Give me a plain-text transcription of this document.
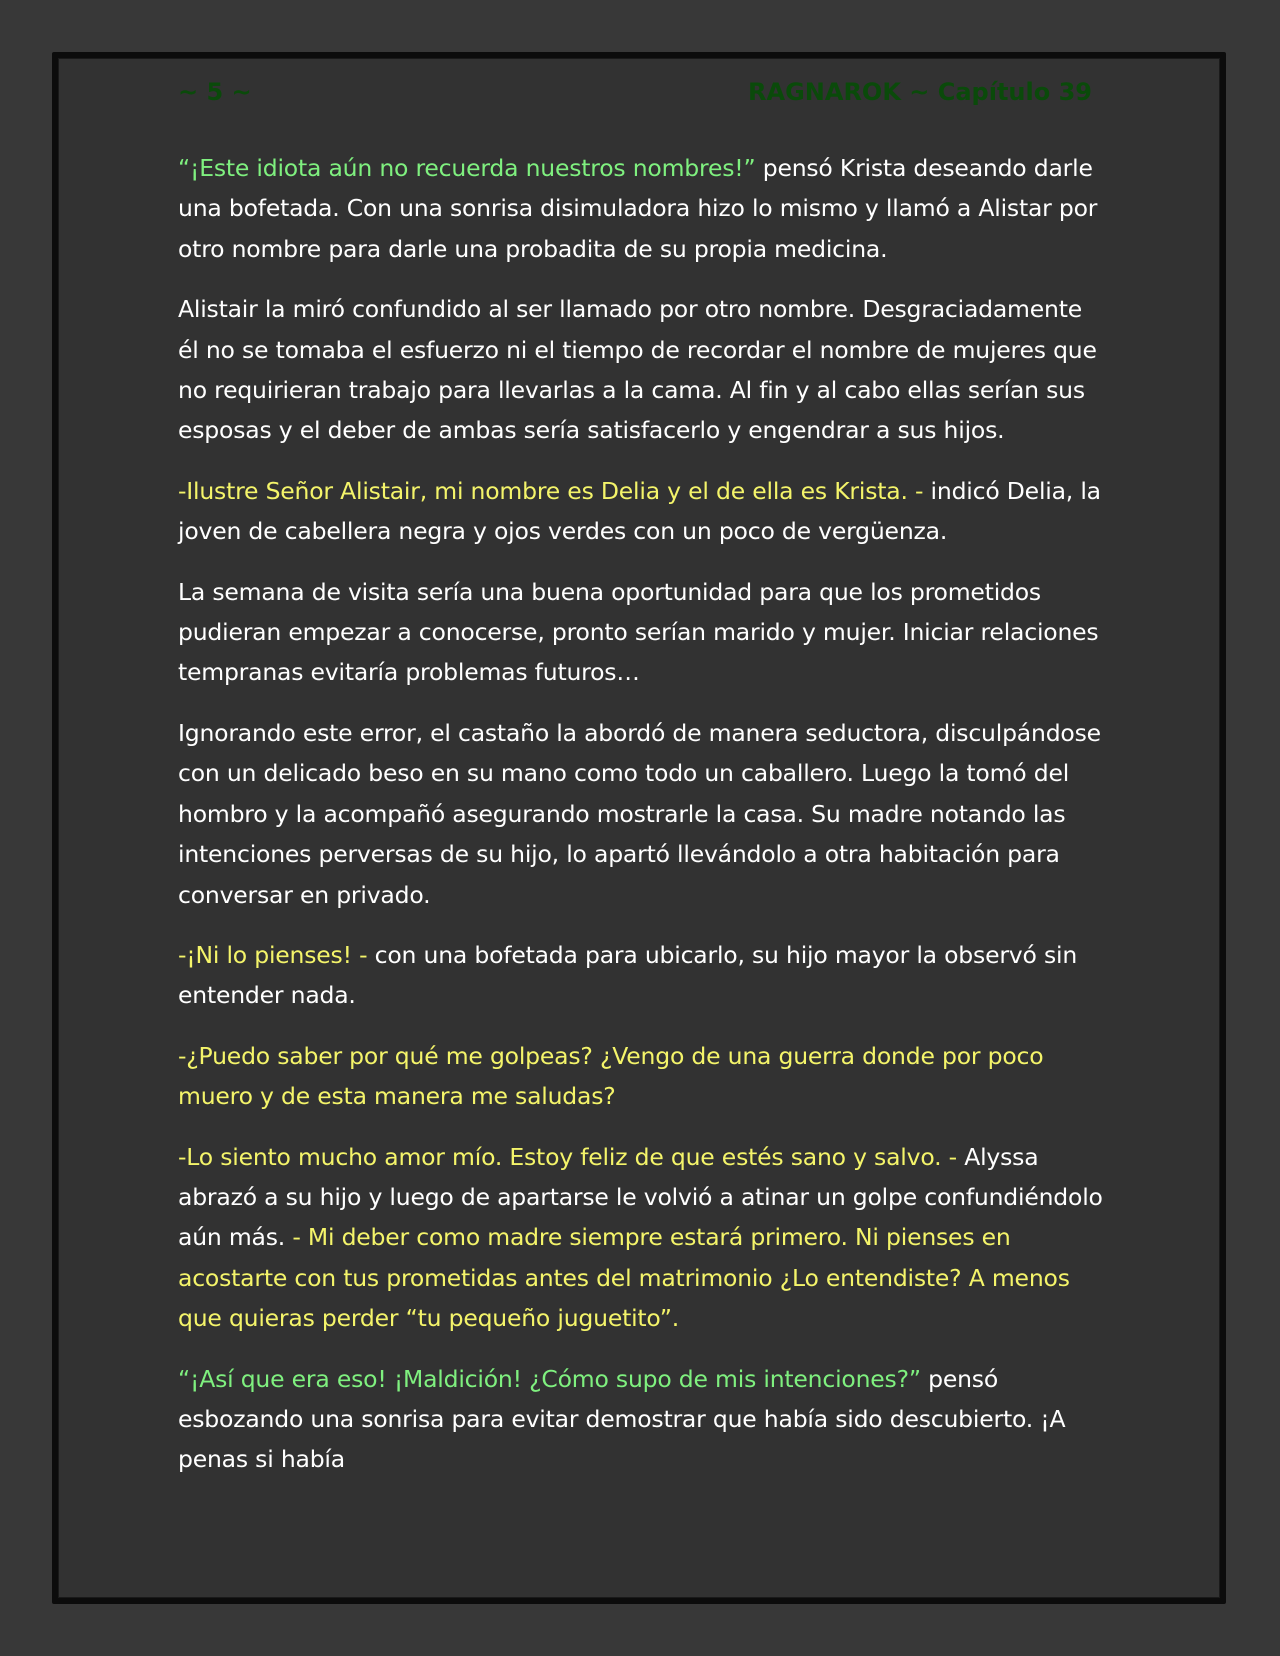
~ 5 ~	RAGNAROK ~ Capítulo 39

“¡Este idiota aún no recuerda nuestros nombres!” pensó Krista deseando darle una bofetada. Con una sonrisa disimuladora hizo lo mismo y llamó a Alistar por otro nombre para darle una probadita de su propia medicina.

Alistair la miró confundido al ser llamado por otro nombre. Desgraciadamente él no se tomaba el esfuerzo ni el tiempo de recordar el nombre de mujeres que no requirieran trabajo para llevarlas a la cama. Al fin y al cabo ellas serían sus esposas y el deber de ambas sería satisfacerlo y engendrar a sus hijos.

-Ilustre Señor Alistair, mi nombre es Delia y el de ella es Krista. - indicó Delia, la joven de cabellera negra y ojos verdes con un poco de vergüenza.

La semana de visita sería una buena oportunidad para que los prometidos pudieran empezar a conocerse, pronto serían marido y mujer. Iniciar relaciones tempranas evitaría problemas futuros…

Ignorando este error, el castaño la abordó de manera seductora, disculpándose con un delicado beso en su mano como todo un caballero. Luego la tomó del hombro y la acompañó asegurando mostrarle la casa. Su madre notando las intenciones perversas de su hijo, lo apartó llevándolo a otra habitación para conversar en privado.

-¡Ni lo pienses! - con una bofetada para ubicarlo, su hijo mayor la observó sin entender nada.

-¿Puedo saber por qué me golpeas? ¿Vengo de una guerra donde por poco muero y de esta manera me saludas?

-Lo siento mucho amor mío. Estoy feliz de que estés sano y salvo. - Alyssa abrazó a su hijo y luego de apartarse le volvió a atinar un golpe confundiéndolo aún más. - Mi deber como madre siempre estará primero. Ni pienses en acostarte con tus prometidas antes del matrimonio ¿Lo entendiste? A menos que quieras perder “tu pequeño juguetito”.

“¡Así que era eso! ¡Maldición! ¿Cómo supo de mis intenciones?” pensó esbozando una sonrisa para evitar demostrar que había sido descubierto. ¡A penas si había
